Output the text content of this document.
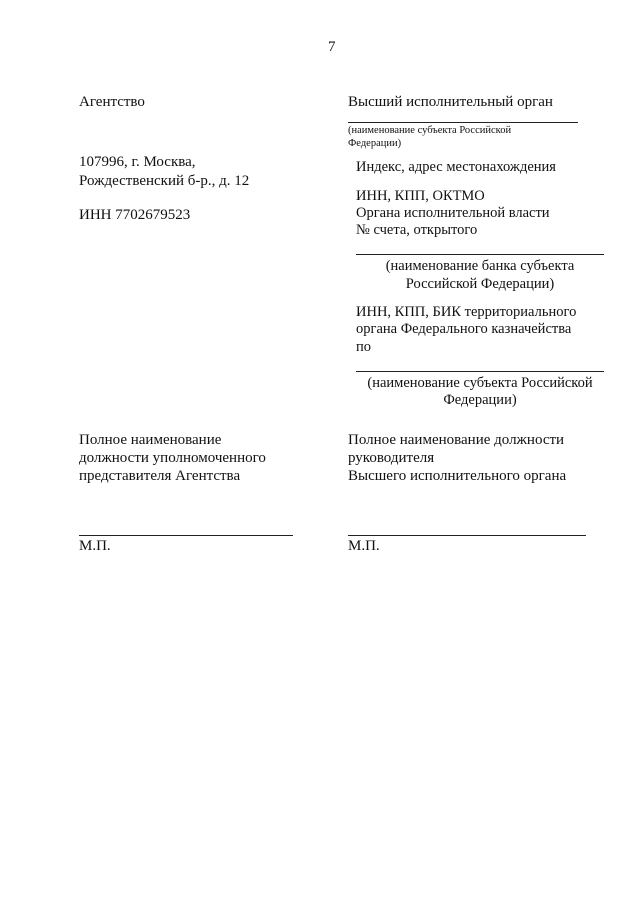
7
Агентство
107996, г. Москва,
Рождественский б-р., д. 12
ИНН 7702679523
Полное наименование
должности уполномоченного
представителя Агентства
М.П.
Высший исполнительный орган
(наименование субъекта Российской
Федерации)
Индекс, адрес местонахождения
ИНН, КПП, ОКТМО
Органа исполнительной власти
№ счета, открытого
(наименование банка субъекта
Российской Федерации)
ИНН, КПП, БИК территориального
органа Федерального казначейства
по
(наименование субъекта Российской
Федерации)
Полное наименование должности
руководителя
Высшего исполнительного органа
М.П.
